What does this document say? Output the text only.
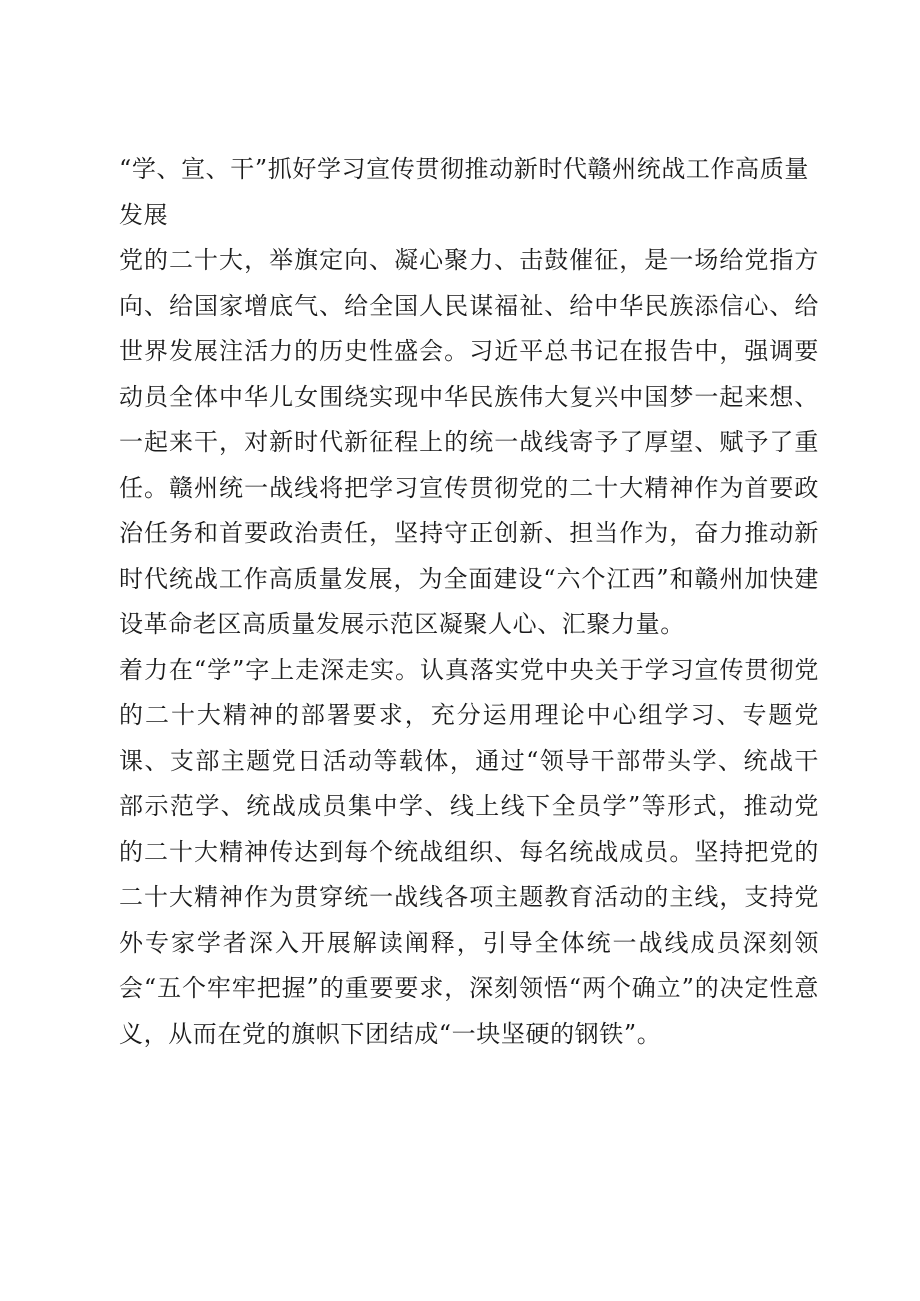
“学、宣、干”抓好学习宣传贯彻推动新时代赣州统战工作高质量发展

党的二十大，举旗定向、凝心聚力、击鼓催征，是一场给党指方向、给国家增底气、给全国人民谋福祉、给中华民族添信心、给世界发展注活力的历史性盛会。习近平总书记在报告中，强调要动员全体中华儿女围绕实现中华民族伟大复兴中国梦一起来想、一起来干，对新时代新征程上的统一战线寄予了厚望、赋予了重任。赣州统一战线将把学习宣传贯彻党的二十大精神作为首要政治任务和首要政治责任，坚持守正创新、担当作为，奋力推动新时代统战工作高质量发展，为全面建设“六个江西”和赣州加快建设革命老区高质量发展示范区凝聚人心、汇聚力量。

着力在“学”字上走深走实。认真落实党中央关于学习宣传贯彻党的二十大精神的部署要求，充分运用理论中心组学习、专题党课、支部主题党日活动等载体，通过“领导干部带头学、统战干部示范学、统战成员集中学、线上线下全员学”等形式，推动党的二十大精神传达到每个统战组织、每名统战成员。坚持把党的二十大精神作为贯穿统一战线各项主题教育活动的主线，支持党外专家学者深入开展解读阐释，引导全体统一战线成员深刻领会“五个牢牢把握”的重要要求，深刻领悟“两个确立”的决定性意义，从而在党的旗帜下团结成“一块坚硬的钢铁”。
